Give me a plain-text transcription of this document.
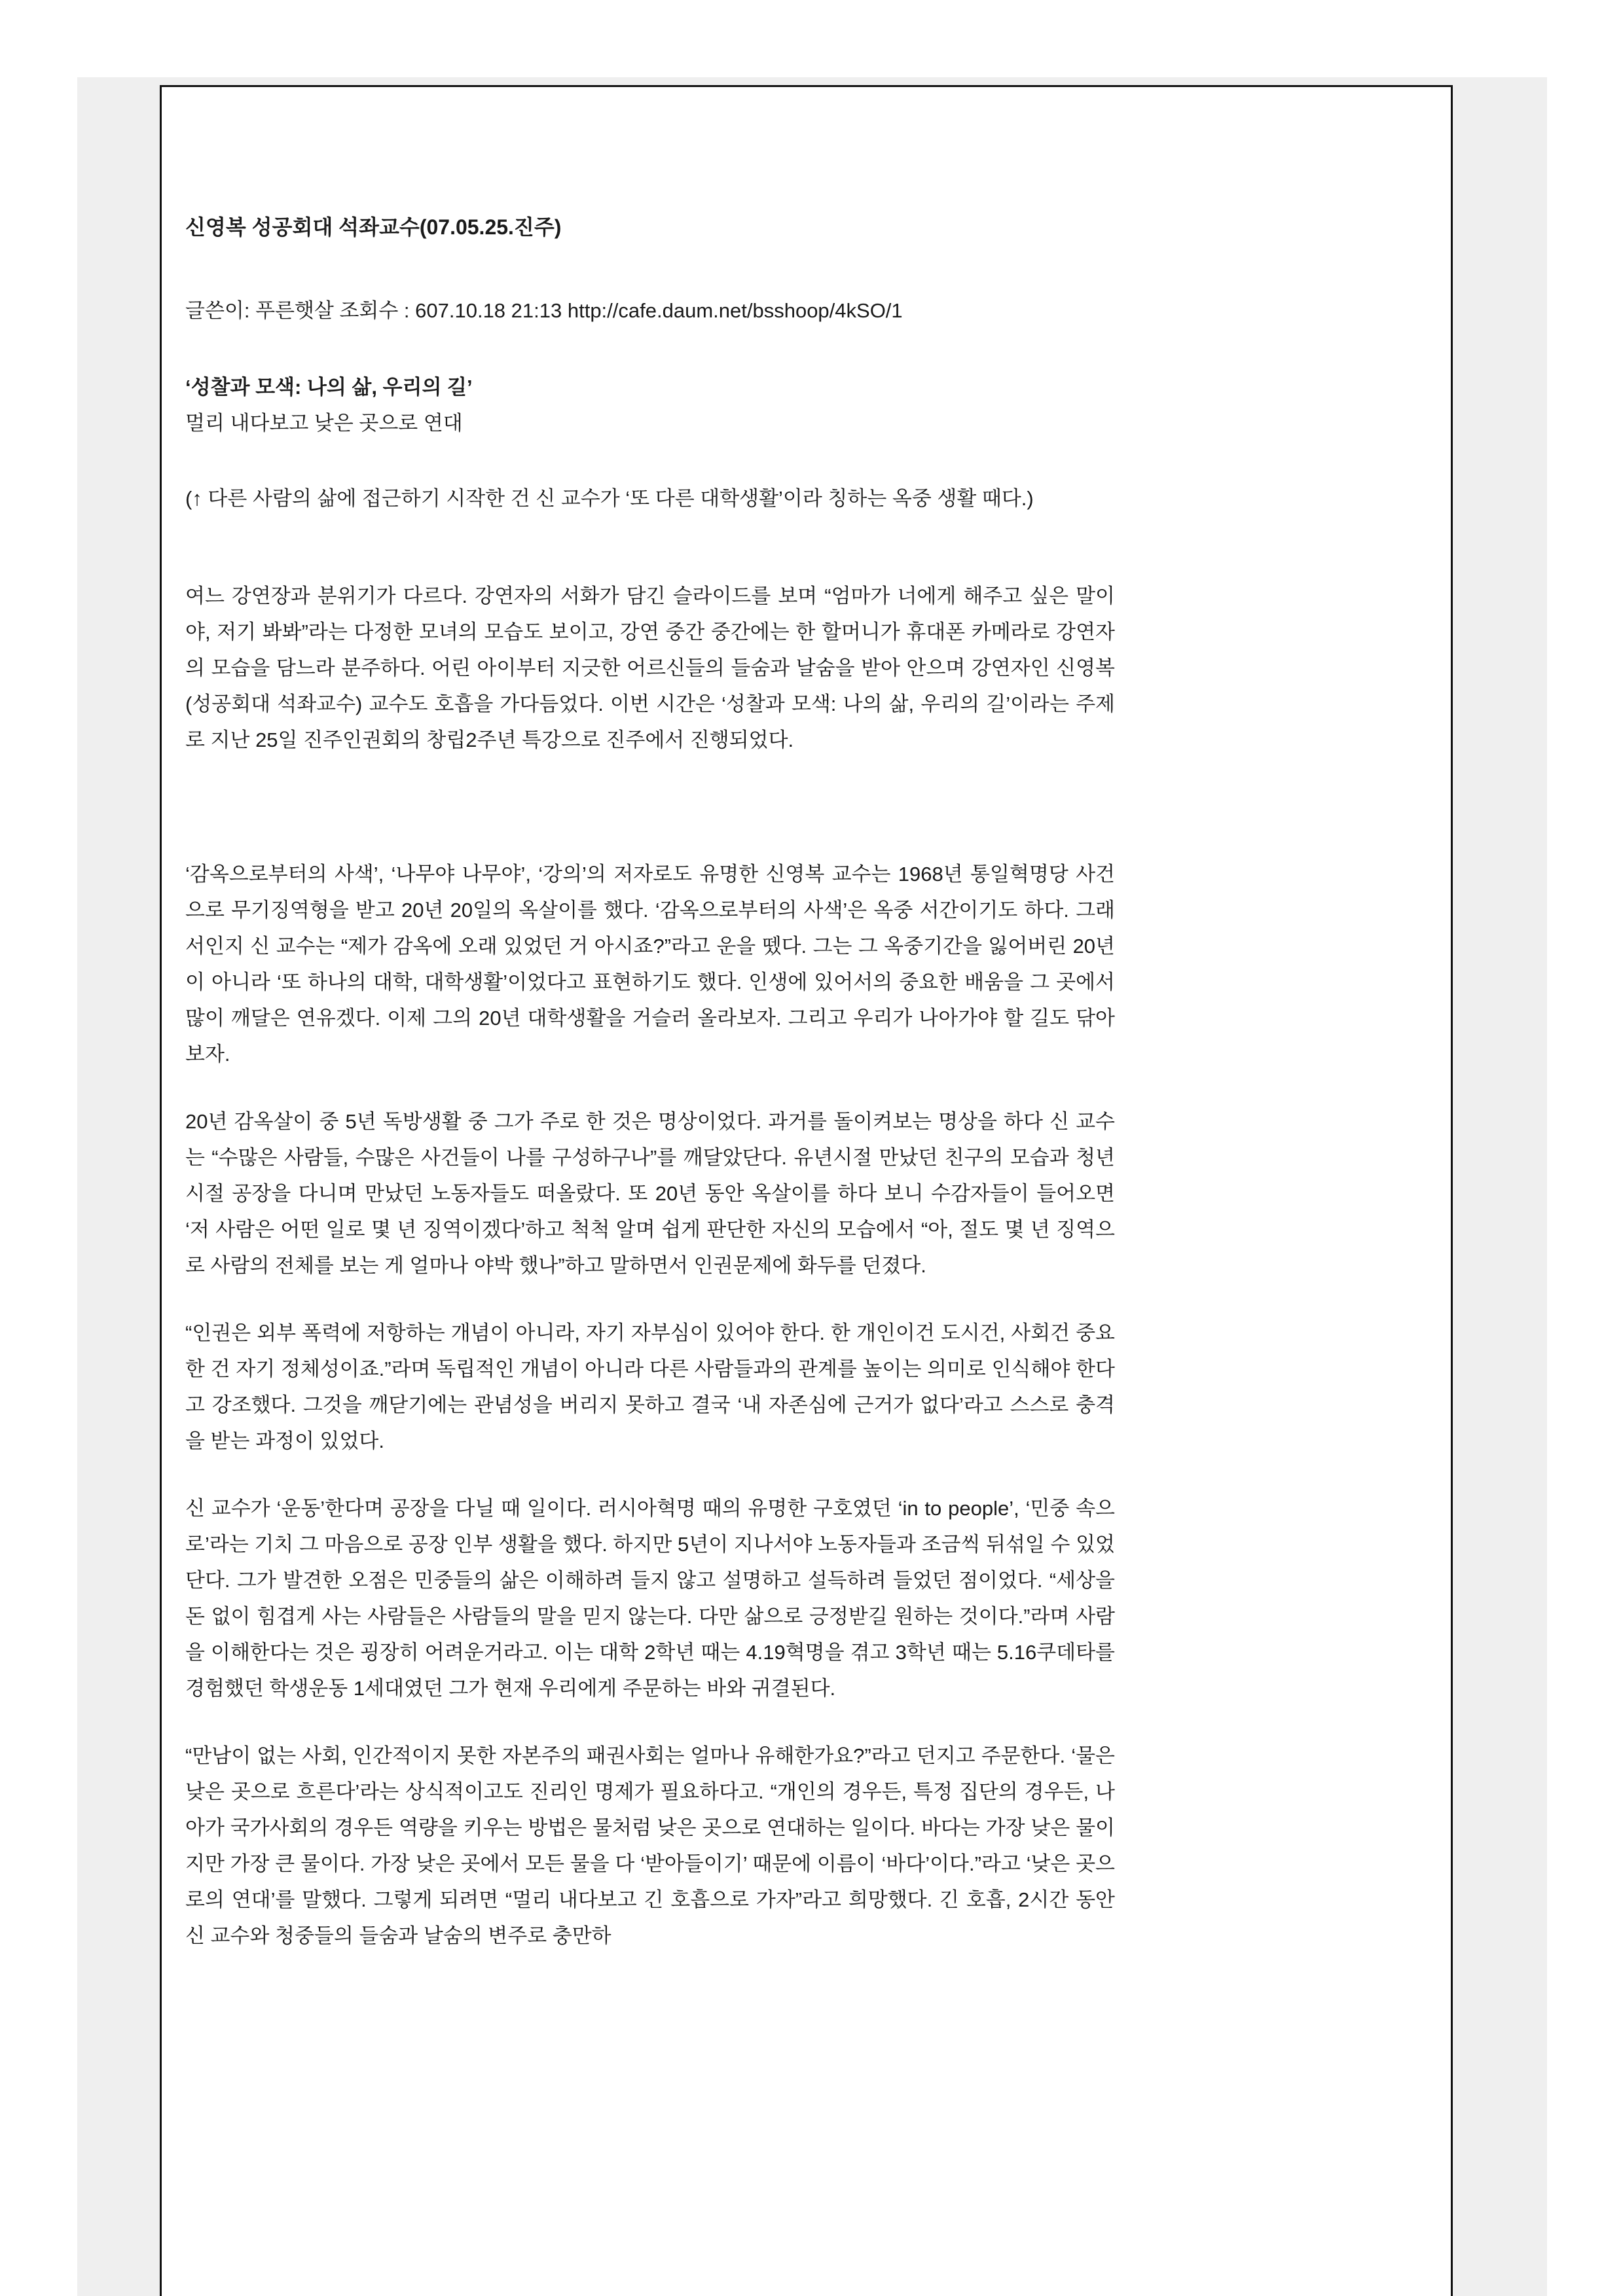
신영복 성공회대 석좌교수(07.05.25.진주)

글쓴이: 푸른햇살 조회수 : 607.10.18 21:13 http://cafe.daum.net/bsshoop/4kSO/1

‘성찰과 모색: 나의 삶, 우리의 길’

멀리 내다보고 낮은 곳으로 연대

(↑ 다른 사람의 삶에 접근하기 시작한 건 신 교수가 ‘또 다른 대학생활’이라 칭하는 옥중 생활 때다.)

여느 강연장과 분위기가 다르다. 강연자의 서화가 담긴 슬라이드를 보며 “엄마가 너에게 해주고 싶은 말이야, 저기 봐봐”라는 다정한 모녀의 모습도 보이고, 강연 중간 중간에는 한 할머니가 휴대폰 카메라로 강연자의 모습을 담느라 분주하다. 어린 아이부터 지긋한 어르신들의 들숨과 날숨을 받아 안으며 강연자인 신영복(성공회대 석좌교수) 교수도 호흡을 가다듬었다. 이번 시간은 ‘성찰과 모색: 나의 삶, 우리의 길’이라는 주제로 지난 25일 진주인권회의 창립2주년 특강으로 진주에서 진행되었다.

‘감옥으로부터의 사색’, ‘나무야 나무야’, ‘강의’의 저자로도 유명한 신영복 교수는 1968년 통일혁명당 사건으로 무기징역형을 받고 20년 20일의 옥살이를 했다. ‘감옥으로부터의 사색’은 옥중 서간이기도 하다. 그래서인지 신 교수는 “제가 감옥에 오래 있었던 거 아시죠?”라고 운을 뗐다. 그는 그 옥중기간을 잃어버린 20년이 아니라 ‘또 하나의 대학, 대학생활’이었다고 표현하기도 했다. 인생에 있어서의 중요한 배움을 그 곳에서 많이 깨달은 연유겠다. 이제 그의 20년 대학생활을 거슬러 올라보자. 그리고 우리가 나아가야 할 길도 닦아보자.

20년 감옥살이 중 5년 독방생활 중 그가 주로 한 것은 명상이었다. 과거를 돌이켜보는 명상을 하다 신 교수는 “수많은 사람들, 수많은 사건들이 나를 구성하구나”를 깨달았단다. 유년시절 만났던 친구의 모습과 청년시절 공장을 다니며 만났던 노동자들도 떠올랐다. 또 20년 동안 옥살이를 하다 보니 수감자들이 들어오면 ‘저 사람은 어떤 일로 몇 년 징역이겠다’하고 척척 알며 쉽게 판단한 자신의 모습에서 “아, 절도 몇 년 징역으로 사람의 전체를 보는 게 얼마나 야박 했나”하고 말하면서 인권문제에 화두를 던졌다.

“인권은 외부 폭력에 저항하는 개념이 아니라, 자기 자부심이 있어야 한다. 한 개인이건 도시건, 사회건 중요한 건 자기 정체성이죠.”라며 독립적인 개념이 아니라 다른 사람들과의 관계를 높이는 의미로 인식해야 한다고 강조했다. 그것을 깨닫기에는 관념성을 버리지 못하고 결국 ‘내 자존심에 근거가 없다’라고 스스로 충격을 받는 과정이 있었다.

신 교수가 ‘운동’한다며 공장을 다닐 때 일이다. 러시아혁명 때의 유명한 구호였던 ‘in to people’, ‘민중 속으로’라는 기치 그 마음으로 공장 인부 생활을 했다. 하지만 5년이 지나서야 노동자들과 조금씩 뒤섞일 수 있었단다. 그가 발견한 오점은 민중들의 삶은 이해하려 들지 않고 설명하고 설득하려 들었던 점이었다. “세상을 돈 없이 힘겹게 사는 사람들은 사람들의 말을 믿지 않는다. 다만 삶으로 긍정받길 원하는 것이다.”라며 사람을 이해한다는 것은 굉장히 어려운거라고. 이는 대학 2학년 때는 4.19혁명을 겪고 3학년 때는 5.16쿠데타를 경험했던 학생운동 1세대였던 그가 현재 우리에게 주문하는 바와 귀결된다.

“만남이 없는 사회, 인간적이지 못한 자본주의 패권사회는 얼마나 유해한가요?”라고 던지고 주문한다. ‘물은 낮은 곳으로 흐른다’라는 상식적이고도 진리인 명제가 필요하다고. “개인의 경우든, 특정 집단의 경우든, 나아가 국가사회의 경우든 역량을 키우는 방법은 물처럼 낮은 곳으로 연대하는 일이다. 바다는 가장 낮은 물이지만 가장 큰 물이다. 가장 낮은 곳에서 모든 물을 다 ‘받아들이기’ 때문에 이름이 ‘바다’이다.”라고 ‘낮은 곳으로의 연대’를 말했다. 그렇게 되려면 “멀리 내다보고 긴 호흡으로 가자”라고 희망했다. 긴 호흡, 2시간 동안 신 교수와 청중들의 들숨과 날숨의 변주로 충만하
